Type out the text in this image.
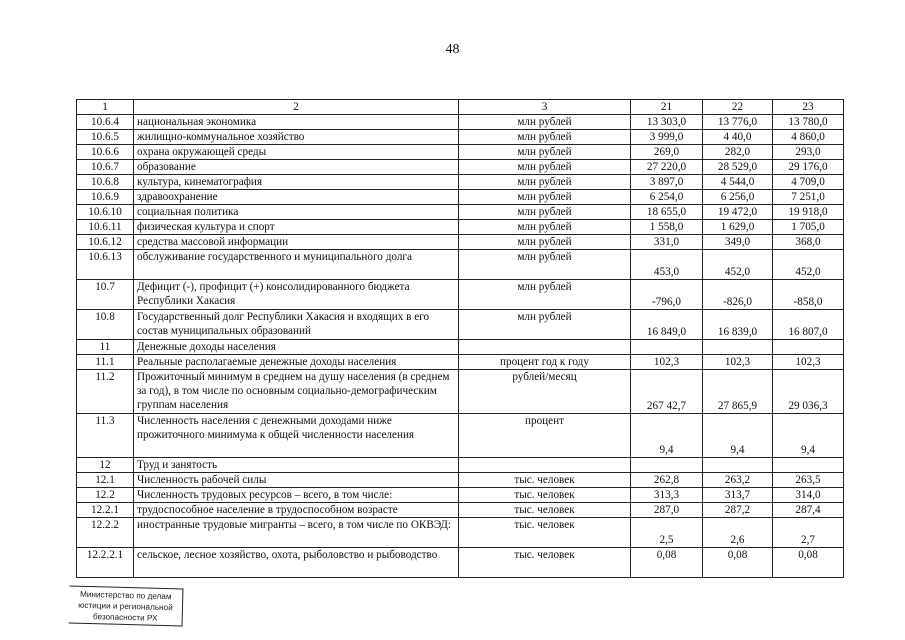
48
1	2	3	21	22	23
10.6.4	национальная экономика	млн рублей	13 303,0	13 776,0	13 780,0
10.6.5	жилищно-коммунальное хозяйство	млн рублей	3 999,0	4 40,0	4 860,0
10.6.6	охрана окружающей среды	млн рублей	269,0	282,0	293,0
10.6.7	образование	млн рублей	27 220,0	28 529,0	29 176,0
10.6.8	культура, кинематография	млн рублей	3 897,0	4 544,0	4 709,0
10.6.9	здравоохранение	млн рублей	6 254,0	6 256,0	7 251,0
10.6.10	социальная политика	млн рублей	18 655,0	19 472,0	19 918,0
10.6.11	физическая культура и спорт	млн рублей	1 558,0	1 629,0	1 705,0
10.6.12	средства массовой информации	млн рублей	331,0	349,0	368,0
10.6.13	обслуживание государственного и муниципального долга	млн рублей	453,0	452,0	452,0
10.7	Дефицит (-), профицит (+) консолидированного бюджета Республики Хакасия	млн рублей	-796,0	-826,0	-858,0
10.8	Государственный долг Республики Хакасия и входящих в его состав муниципальных образований	млн рублей	16 849,0	16 839,0	16 807,0
11	Денежные доходы населения				
11.1	Реальные располагаемые денежные доходы населения	процент год к году	102,3	102,3	102,3
11.2	Прожиточный минимум в среднем на душу населения (в среднем за год), в том числе по основным социально-демографическим группам населения	рублей/месяц	267 42,7	27 865,9	29 036,3
11.3	Численность населения с денежными доходами ниже прожиточного минимума к общей численности населения	процент	9,4	9,4	9,4
12	Труд и занятость				
12.1	Численность рабочей силы	тыс. человек	262,8	263,2	263,5
12.2	Численность трудовых ресурсов – всего, в том числе:	тыс. человек	313,3	313,7	314,0
12.2.1	трудоспособное население в трудоспособном возрасте	тыс. человек	287,0	287,2	287,4
12.2.2	иностранные трудовые мигранты – всего, в том числе по ОКВЭД:	тыс. человек	2,5	2,6	2,7
12.2.2.1	сельское, лесное хозяйство, охота, рыболовство и рыбоводство	тыс. человек	0,08	0,08	0,08
Министерство по делам
юстиции и региональной
безопасности РХ
